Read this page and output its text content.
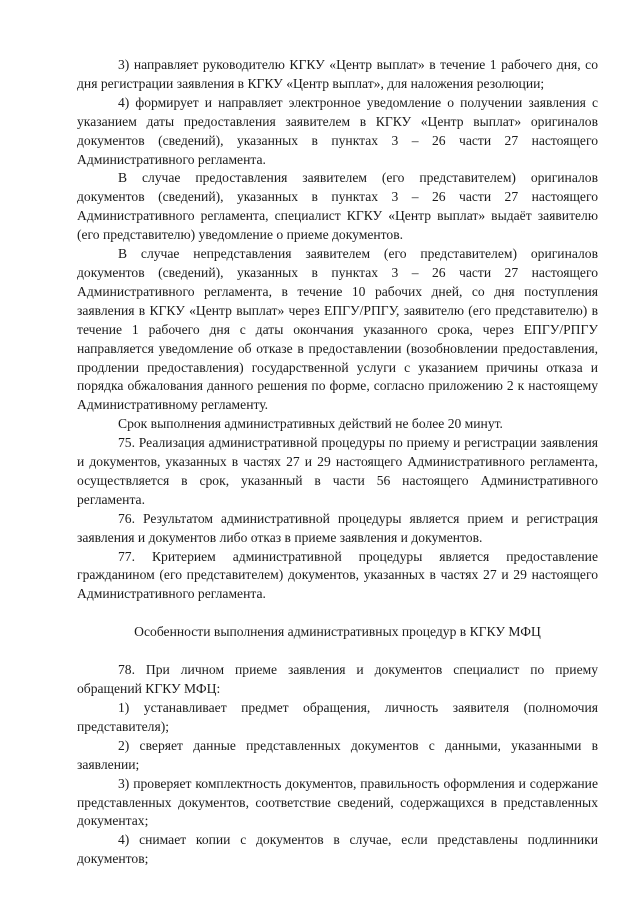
3) направляет руководителю КГКУ «Центр выплат» в течение 1 рабочего дня, со дня регистрации заявления в КГКУ «Центр выплат», для наложения резолюции;

4) формирует и направляет электронное уведомление о получении заявления с указанием даты предоставления заявителем в КГКУ «Центр выплат» оригиналов документов (сведений), указанных в пунктах 3 – 26 части 27 настоящего Административного регламента.

В случае предоставления заявителем (его представителем) оригиналов документов (сведений), указанных в пунктах 3 – 26 части 27 настоящего Административного регламента, специалист КГКУ «Центр выплат» выдаёт заявителю (его представителю) уведомление о приеме документов.

В случае непредставления заявителем (его представителем) оригиналов документов (сведений), указанных в пунктах 3 – 26 части 27 настоящего Административного регламента, в течение 10 рабочих дней, со дня поступления заявления в КГКУ «Центр выплат» через ЕПГУ/РПГУ, заявителю (его представителю) в течение 1 рабочего дня с даты окончания указанного срока, через ЕПГУ/РПГУ направляется уведомление об отказе в предоставлении (возобновлении предоставления, продлении предоставления) государственной услуги с указанием причины отказа и порядка обжалования данного решения по форме, согласно приложению 2 к настоящему Административному регламенту.

Срок выполнения административных действий не более 20 минут.

75. Реализация административной процедуры по приему и регистрации заявления и документов, указанных в частях 27 и 29 настоящего Административного регламента, осуществляется в срок, указанный в части 56 настоящего Административного регламента.

76. Результатом административной процедуры является прием и регистрация заявления и документов либо отказ в приеме заявления и документов.

77. Критерием административной процедуры является предоставление гражданином (его представителем) документов, указанных в частях 27 и 29 настоящего Административного регламента.

Особенности выполнения административных процедур в КГКУ МФЦ

78. При личном приеме заявления и документов специалист по приему обращений КГКУ МФЦ:

1) устанавливает предмет обращения, личность заявителя (полномочия представителя);

2) сверяет данные представленных документов с данными, указанными в заявлении;

3) проверяет комплектность документов, правильность оформления и содержание представленных документов, соответствие сведений, содержащихся в представленных документах;

4) снимает копии с документов в случае, если представлены подлинники документов;
